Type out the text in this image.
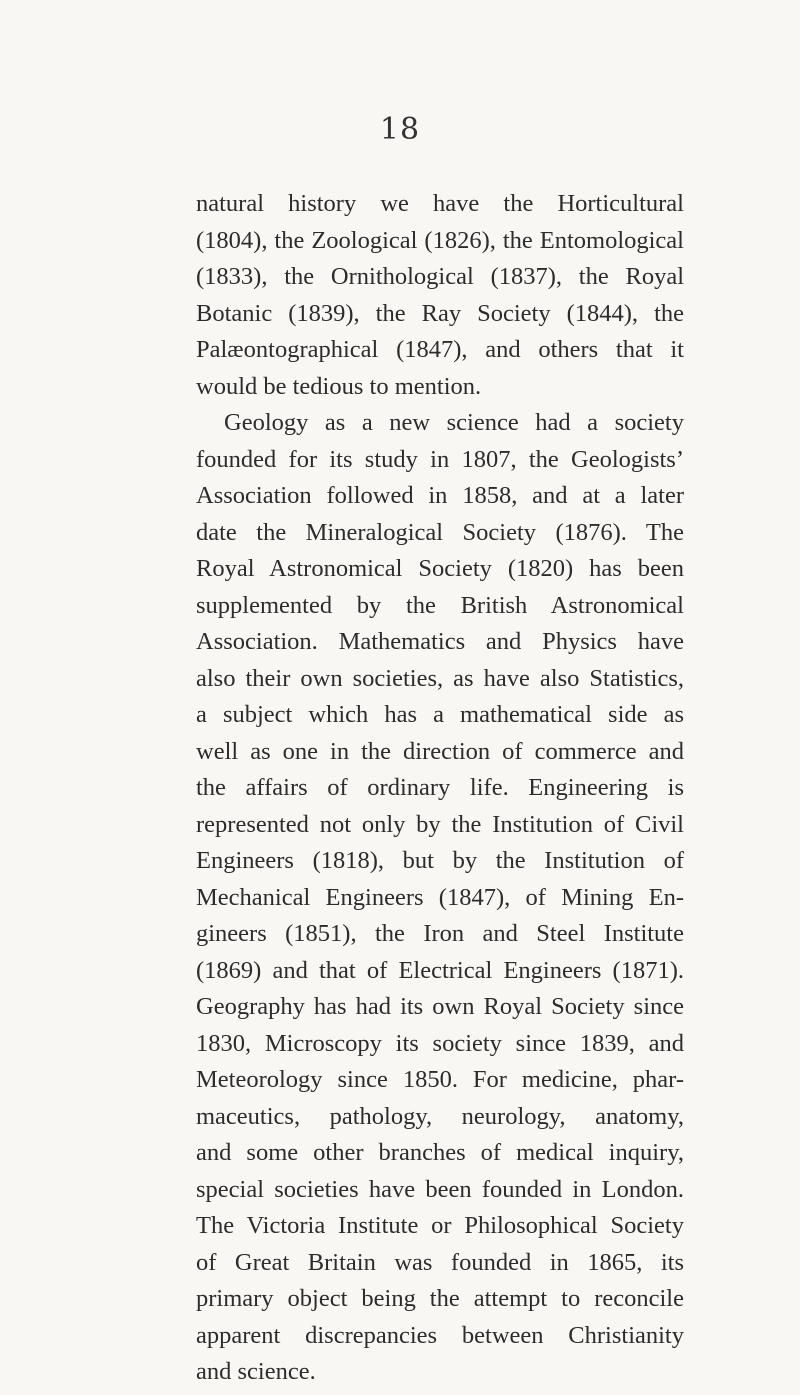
18
natural history we have the Horticultural
(1804), the Zoological (1826), the Entomological
(1833), the Ornithological (1837), the Royal
Botanic (1839), the Ray Society (1844), the
Palæontographical (1847), and others that it
would be tedious to mention.
Geology as a new science had a society
founded for its study in 1807, the Geologists’
Association followed in 1858, and at a later
date the Mineralogical Society (1876). The
Royal Astronomical Society (1820) has been
supplemented by the British Astronomical
Association. Mathematics and Physics have
also their own societies, as have also Statistics,
a subject which has a mathematical side as
well as one in the direction of commerce and
the affairs of ordinary life. Engineering is
represented not only by the Institution of Civil
Engineers (1818), but by the Institution of
Mechanical Engineers (1847), of Mining En-
gineers (1851), the Iron and Steel Institute
(1869) and that of Electrical Engineers (1871).
Geography has had its own Royal Society since
1830, Microscopy its society since 1839, and
Meteorology since 1850. For medicine, phar-
maceutics, pathology, neurology, anatomy,
and some other branches of medical inquiry,
special societies have been founded in London.
The Victoria Institute or Philosophical Society
of Great Britain was founded in 1865, its
primary object being the attempt to reconcile
apparent discrepancies between Christianity
and science.
